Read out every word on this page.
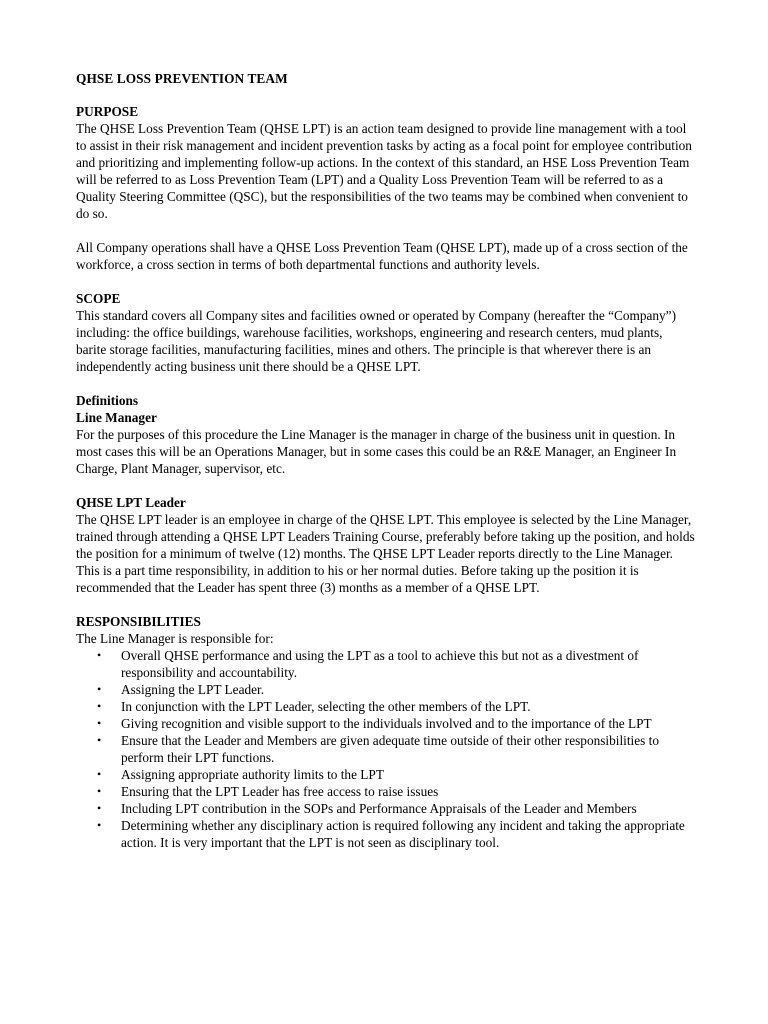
QHSE LOSS PREVENTION TEAM

PURPOSE

The QHSE Loss Prevention Team (QHSE LPT) is an action team designed to provide line management with a tool to assist in their risk management and incident prevention tasks by acting as a focal point for employee contribution and prioritizing and implementing follow-up actions. In the context of this standard, an HSE Loss Prevention Team will be referred to as Loss Prevention Team (LPT) and a Quality Loss Prevention Team will be referred to as a Quality Steering Committee (QSC), but the responsibilities of the two teams may be combined when convenient to do so.

All Company operations shall have a QHSE Loss Prevention Team (QHSE LPT), made up of a cross section of the workforce, a cross section in terms of both departmental functions and authority levels.

SCOPE

This standard covers all Company sites and facilities owned or operated by Company (hereafter the “Company”) including: the office buildings, warehouse facilities, workshops, engineering and research centers, mud plants, barite storage facilities, manufacturing facilities, mines and others. The principle is that wherever there is an independently acting business unit there should be a QHSE LPT.

Definitions

Line Manager

For the purposes of this procedure the Line Manager is the manager in charge of the business unit in question. In most cases this will be an Operations Manager, but in some cases this could be an R&E Manager, an Engineer In Charge, Plant Manager, supervisor, etc.

QHSE LPT Leader

The QHSE LPT leader is an employee in charge of the QHSE LPT. This employee is selected by the Line Manager, trained through attending a QHSE LPT Leaders Training Course, preferably before taking up the position, and holds the position for a minimum of twelve (12) months. The QHSE LPT Leader reports directly to the Line Manager. This is a part time responsibility, in addition to his or her normal duties. Before taking up the position it is recommended that the Leader has spent three (3) months as a member of a QHSE LPT.

RESPONSIBILITIES

The Line Manager is responsible for:

• Overall QHSE performance and using the LPT as a tool to achieve this but not as a divestment of responsibility and accountability.
• Assigning the LPT Leader.
• In conjunction with the LPT Leader, selecting the other members of the LPT.
• Giving recognition and visible support to the individuals involved and to the importance of the LPT
• Ensure that the Leader and Members are given adequate time outside of their other responsibilities to perform their LPT functions.
• Assigning appropriate authority limits to the LPT
• Ensuring that the LPT Leader has free access to raise issues
• Including LPT contribution in the SOPs and Performance Appraisals of the Leader and Members
• Determining whether any disciplinary action is required following any incident and taking the appropriate action. It is very important that the LPT is not seen as disciplinary tool.
